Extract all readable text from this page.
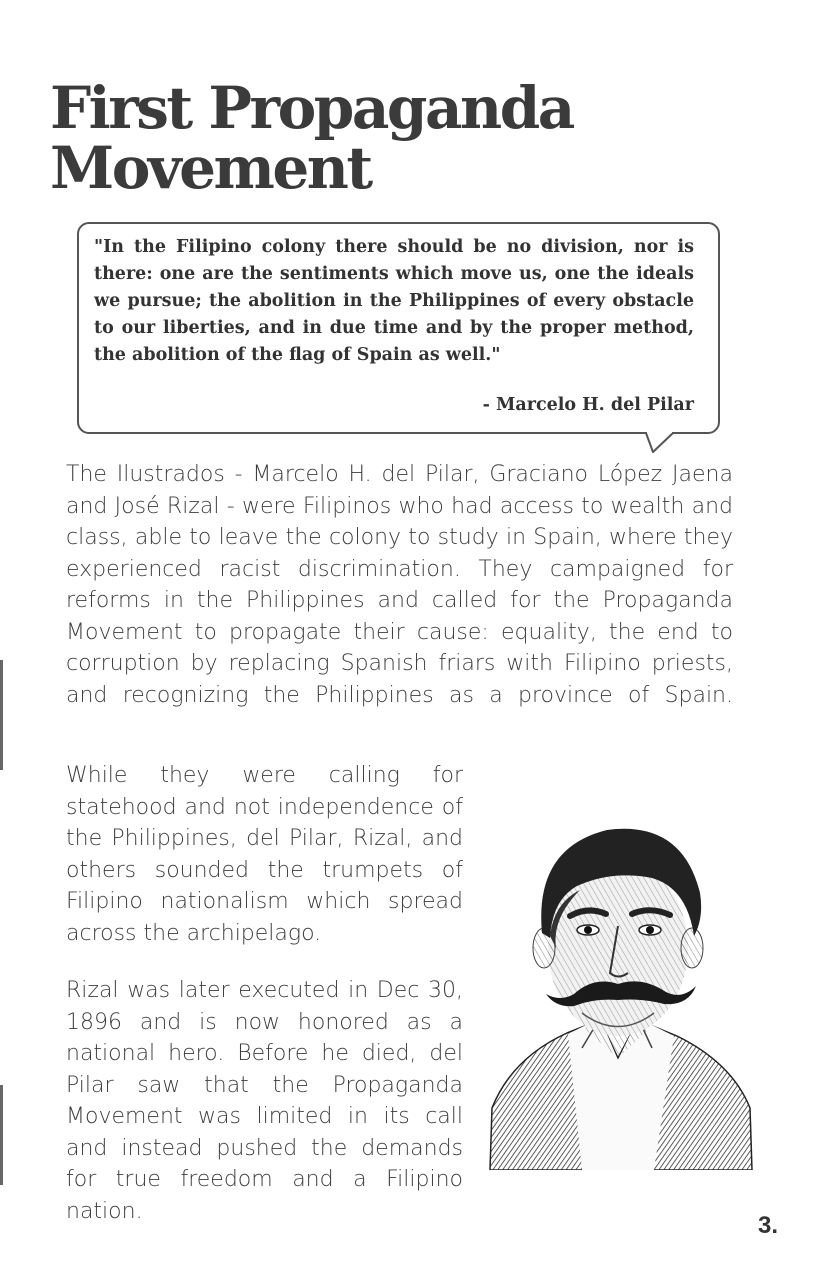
First Propaganda
Movement

"In the Filipino colony there should be no division, nor is there: one are the sentiments which move us, one the ideals we pursue; the abolition in the Philippines of every obstacle to our liberties, and in due time and by the proper method, the abolition of the flag of Spain as well."

- Marcelo H. del Pilar

The Ilustrados - Marcelo H. del Pilar, Graciano López Jaena and José Rizal - were Filipinos who had access to wealth and class, able to leave the colony to study in Spain, where they experienced racist discrimination. They campaigned for reforms in the Philippines and called for the Propaganda Movement to propagate their cause: equality, the end to corruption by replacing Spanish friars with Filipino priests, and recognizing the Philippines as a province of Spain.

While they were calling for statehood and not independence of the Philippines, del Pilar, Rizal, and others sounded the trumpets of Filipino nationalism which spread across the archipelago.

Rizal was later executed in Dec 30, 1896 and is now honored as a national hero. Before he died, del Pilar saw that the Propaganda Movement was limited in its call and instead pushed the demands for true freedom and a Filipino nation.

3.
